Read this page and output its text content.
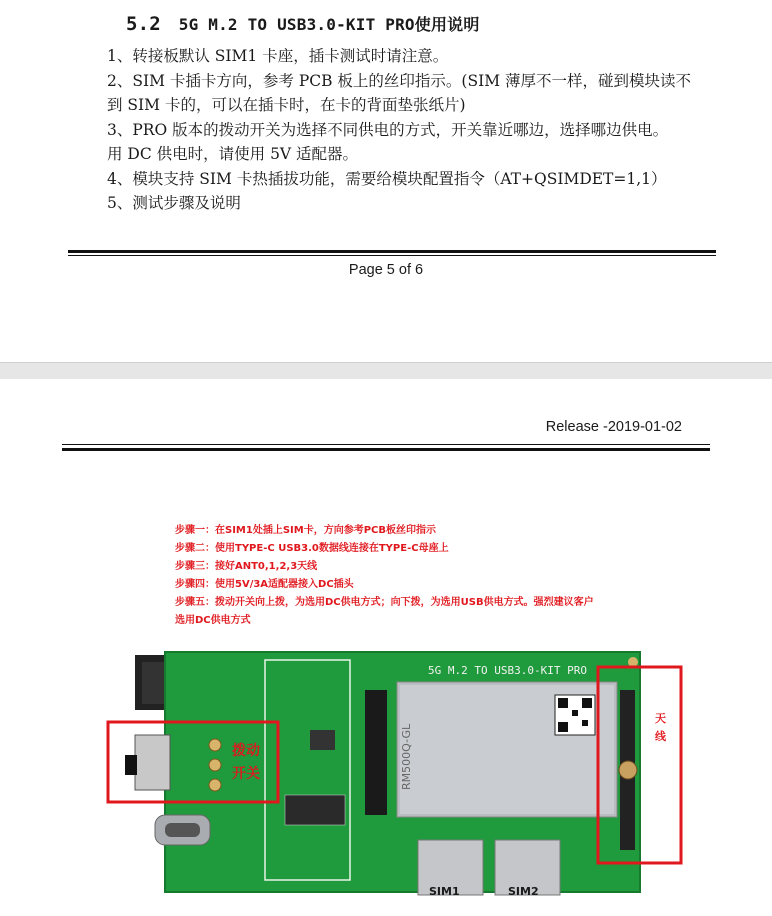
5.2 5G M.2 TO USB3.0-KIT PRO使用说明
1、转接板默认 SIM1 卡座，插卡测试时请注意。
2、SIM 卡插卡方向，参考 PCB 板上的丝印指示。(SIM 薄厚不一样，碰到模块读不
到 SIM 卡的，可以在插卡时，在卡的背面垫张纸片)
3、PRO 版本的拨动开关为选择不同供电的方式，开关靠近哪边，选择哪边供电。
用 DC 供电时，请使用 5V 适配器。
4、模块支持 SIM 卡热插拔功能，需要给模块配置指令（AT+QSIMDET=1,1）
5、测试步骤及说明
Page 5 of 6
Release -2019-01-02
步骤一：在SIM1处插上SIM卡，方向参考PCB板丝印指示
步骤二：使用TYPE-C USB3.0数据线连接在TYPE-C母座上
步骤三：接好ANT0,1,2,3天线
步骤四：使用5V/3A适配器接入DC插头
步骤五：拨动开关向上拨，为选用DC供电方式；向下拨，为选用USB供电方式。强烈建议客户
选用DC供电方式
5G M.2 TO USB3.0-KIT PRO
RM500Q-GL
拨动
开关
天
线
SIM1	SIM2
